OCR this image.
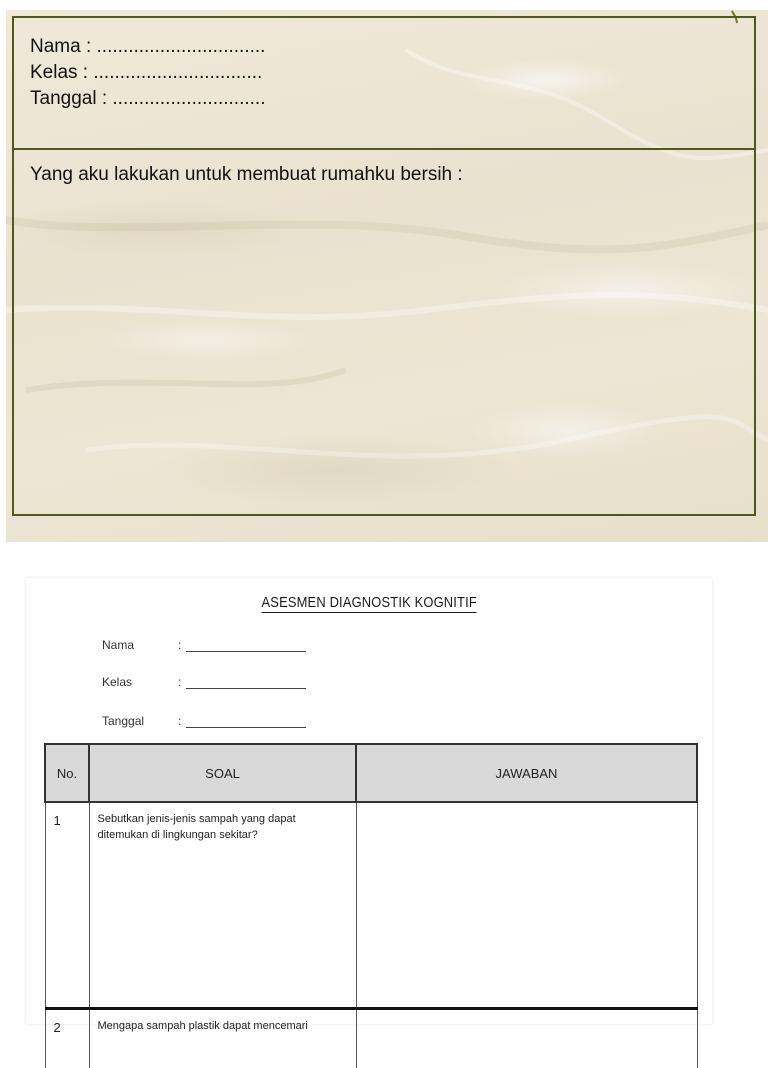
Nama : ................................
Kelas : ................................
Tanggal : .............................
Yang aku lakukan untuk membuat rumahku bersih :
ASESMEN DIAGNOSTIK KOGNITIF
Nama	:
Kelas	:
Tanggal	:
No.	SOAL	JAWABAN
1	Sebutkan jenis-jenis sampah yang dapat ditemukan di lingkungan sekitar?	
2	Mengapa sampah plastik dapat mencemari	
